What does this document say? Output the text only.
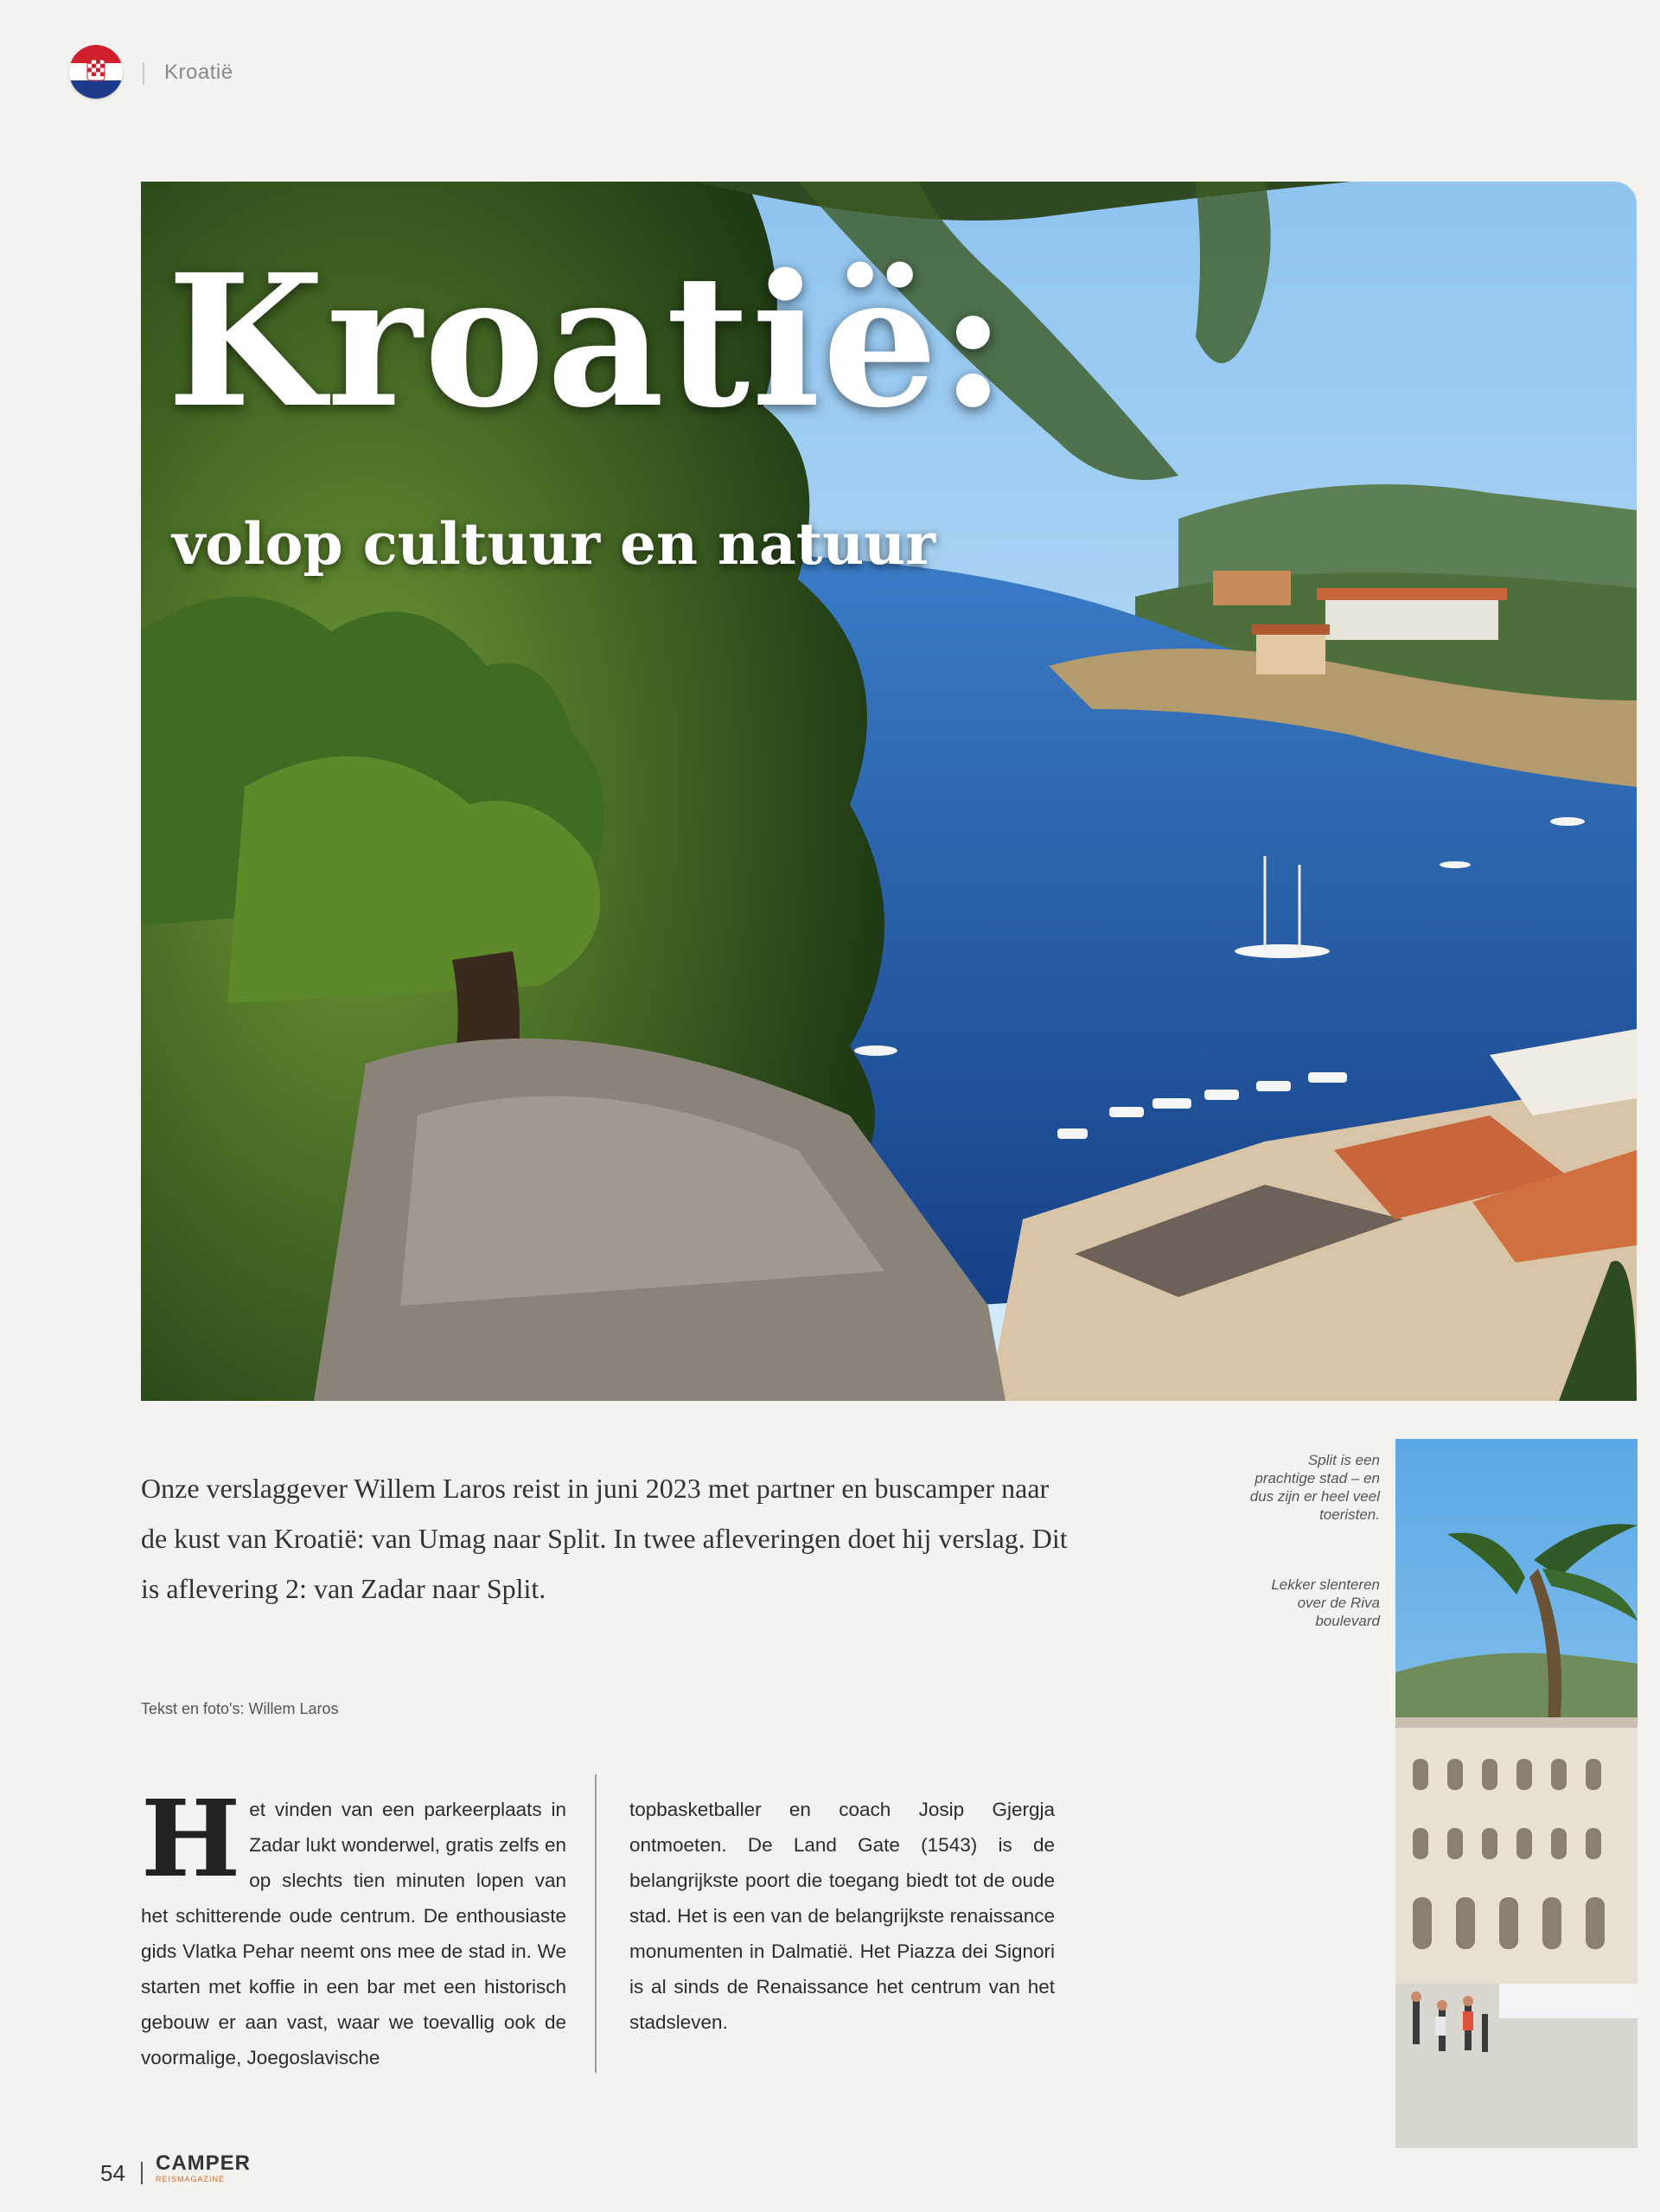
Kroatië
Kroatië:
volop cultuur en natuur
Onze verslaggever Willem Laros reist in juni 2023 met partner en buscamper naar de kust van Kroatië: van Umag naar Split. In twee afleveringen doet hij verslag. Dit is aflevering 2: van Zadar naar Split.
Tekst en foto's: Willem Laros
Het vinden van een parkeerplaats in Zadar lukt wonderwel, gratis zelfs en op slechts tien minuten lopen van het schitterende oude centrum. De enthousiaste gids Vlatka Pehar neemt ons mee de stad in. We starten met koffie in een bar met een historisch gebouw er aan vast, waar we toevallig ook de voormalige, Joegoslavische
topbasketballer en coach Josip Gjergja ontmoeten. De Land Gate (1543) is de belangrijkste poort die toegang biedt tot de oude stad. Het is een van de belangrijkste renaissance monumenten in Dalmatië. Het Piazza dei Signori is al sinds de Renaissance het centrum van het stadsleven.
Split is een prachtige stad – en dus zijn er heel veel toeristen.
Lekker slenteren over de Riva boulevard
54 CAMPER
REISMAGAZINE
